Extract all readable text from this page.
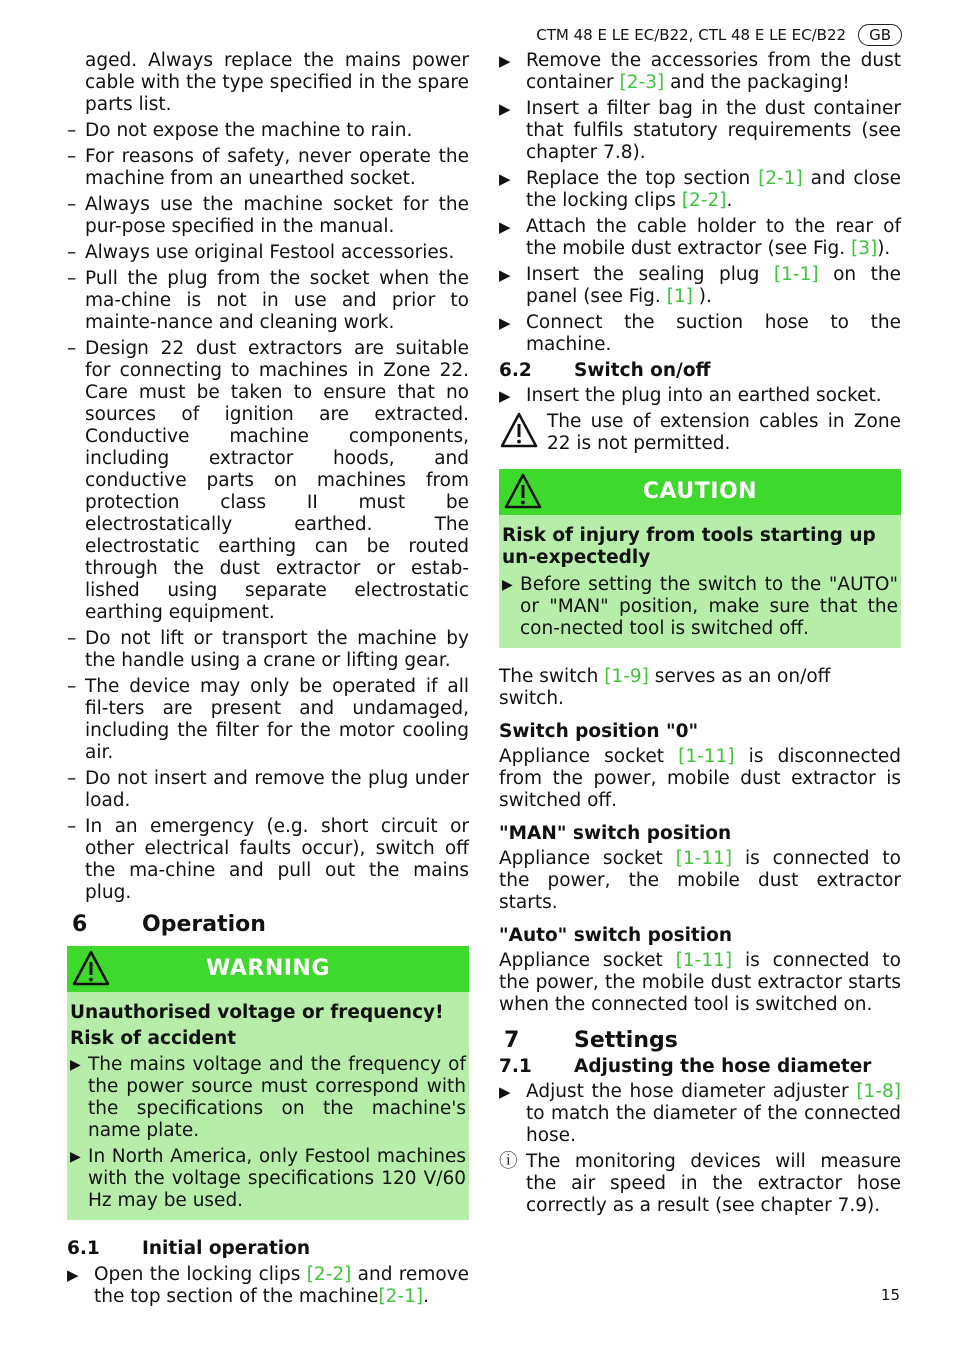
CTM 48 E LE EC/B22, CTL 48 E LE EC/B22	GB

aged. Always replace the mains power cable with the type specified in the spare parts list.

– Do not expose the machine to rain.
– For reasons of safety, never operate the machine from an unearthed socket.
– Always use the machine socket for the pur-pose specified in the manual.
– Always use original Festool accessories.
– Pull the plug from the socket when the ma-chine is not in use and prior to mainte-nance and cleaning work.
– Design 22 dust extractors are suitable for connecting to machines in Zone 22. Care must be taken to ensure that no sources of ignition are extracted. Conductive machine components, including extractor hoods, and conductive parts on machines from protection class II must be electrostatically earthed. The electrostatic earthing can be routed through the dust extractor or estab-lished using separate electrostatic earthing equipment.
– Do not lift or transport the machine by the handle using a crane or lifting gear.
– The device may only be operated if all fil-ters are present and undamaged, including the filter for the motor cooling air.
– Do not insert and remove the plug under load.
– In an emergency (e.g. short circuit or other electrical faults occur), switch off the ma-chine and pull out the mains plug.
6	Operation
WARNING

Unauthorised voltage or frequency!

Risk of accident

▶ The mains voltage and the frequency of the power source must correspond with the specifications on the machine's name plate.
▶ In North America, only Festool machines with the voltage specifications 120 V/60 Hz may be used.
6.1	Initial operation
▶ Open the locking clips [2-2] and remove the top section of the machine[2-1].
▶ Remove the accessories from the dust container [2-3] and the packaging!
▶ Insert a filter bag in the dust container that fulfils statutory requirements (see chapter 7.8).
▶ Replace the top section [2-1] and close the locking clips [2-2].
▶ Attach the cable holder to the rear of the mobile dust extractor (see Fig. [3]).
▶ Insert the sealing plug [1-1] on the panel (see Fig. [1] ).
▶ Connect the suction hose to the machine.
6.2	Switch on/off
▶ Insert the plug into an earthed socket.
The use of extension cables in Zone 22 is not permitted.
CAUTION

Risk of injury from tools starting up un-expectedly

▶ Before setting the switch to the "AUTO" or "MAN" position, make sure that the con-nected tool is switched off.

The switch [1-9] serves as an on/off switch.

Switch position "0"

Appliance socket [1-11] is disconnected from the power, mobile dust extractor is switched off.

"MAN" switch position

Appliance socket [1-11] is connected to the power, the mobile dust extractor starts.

"Auto" switch position

Appliance socket [1-11] is connected to the power, the mobile dust extractor starts when the connected tool is switched on.

7	Settings
7.1	Adjusting the hose diameter
▶ Adjust the hose diameter adjuster [1-8] to match the diameter of the connected hose.
ⓘ The monitoring devices will measure the air speed in the extractor hose correctly as a result (see chapter 7.9).
15
